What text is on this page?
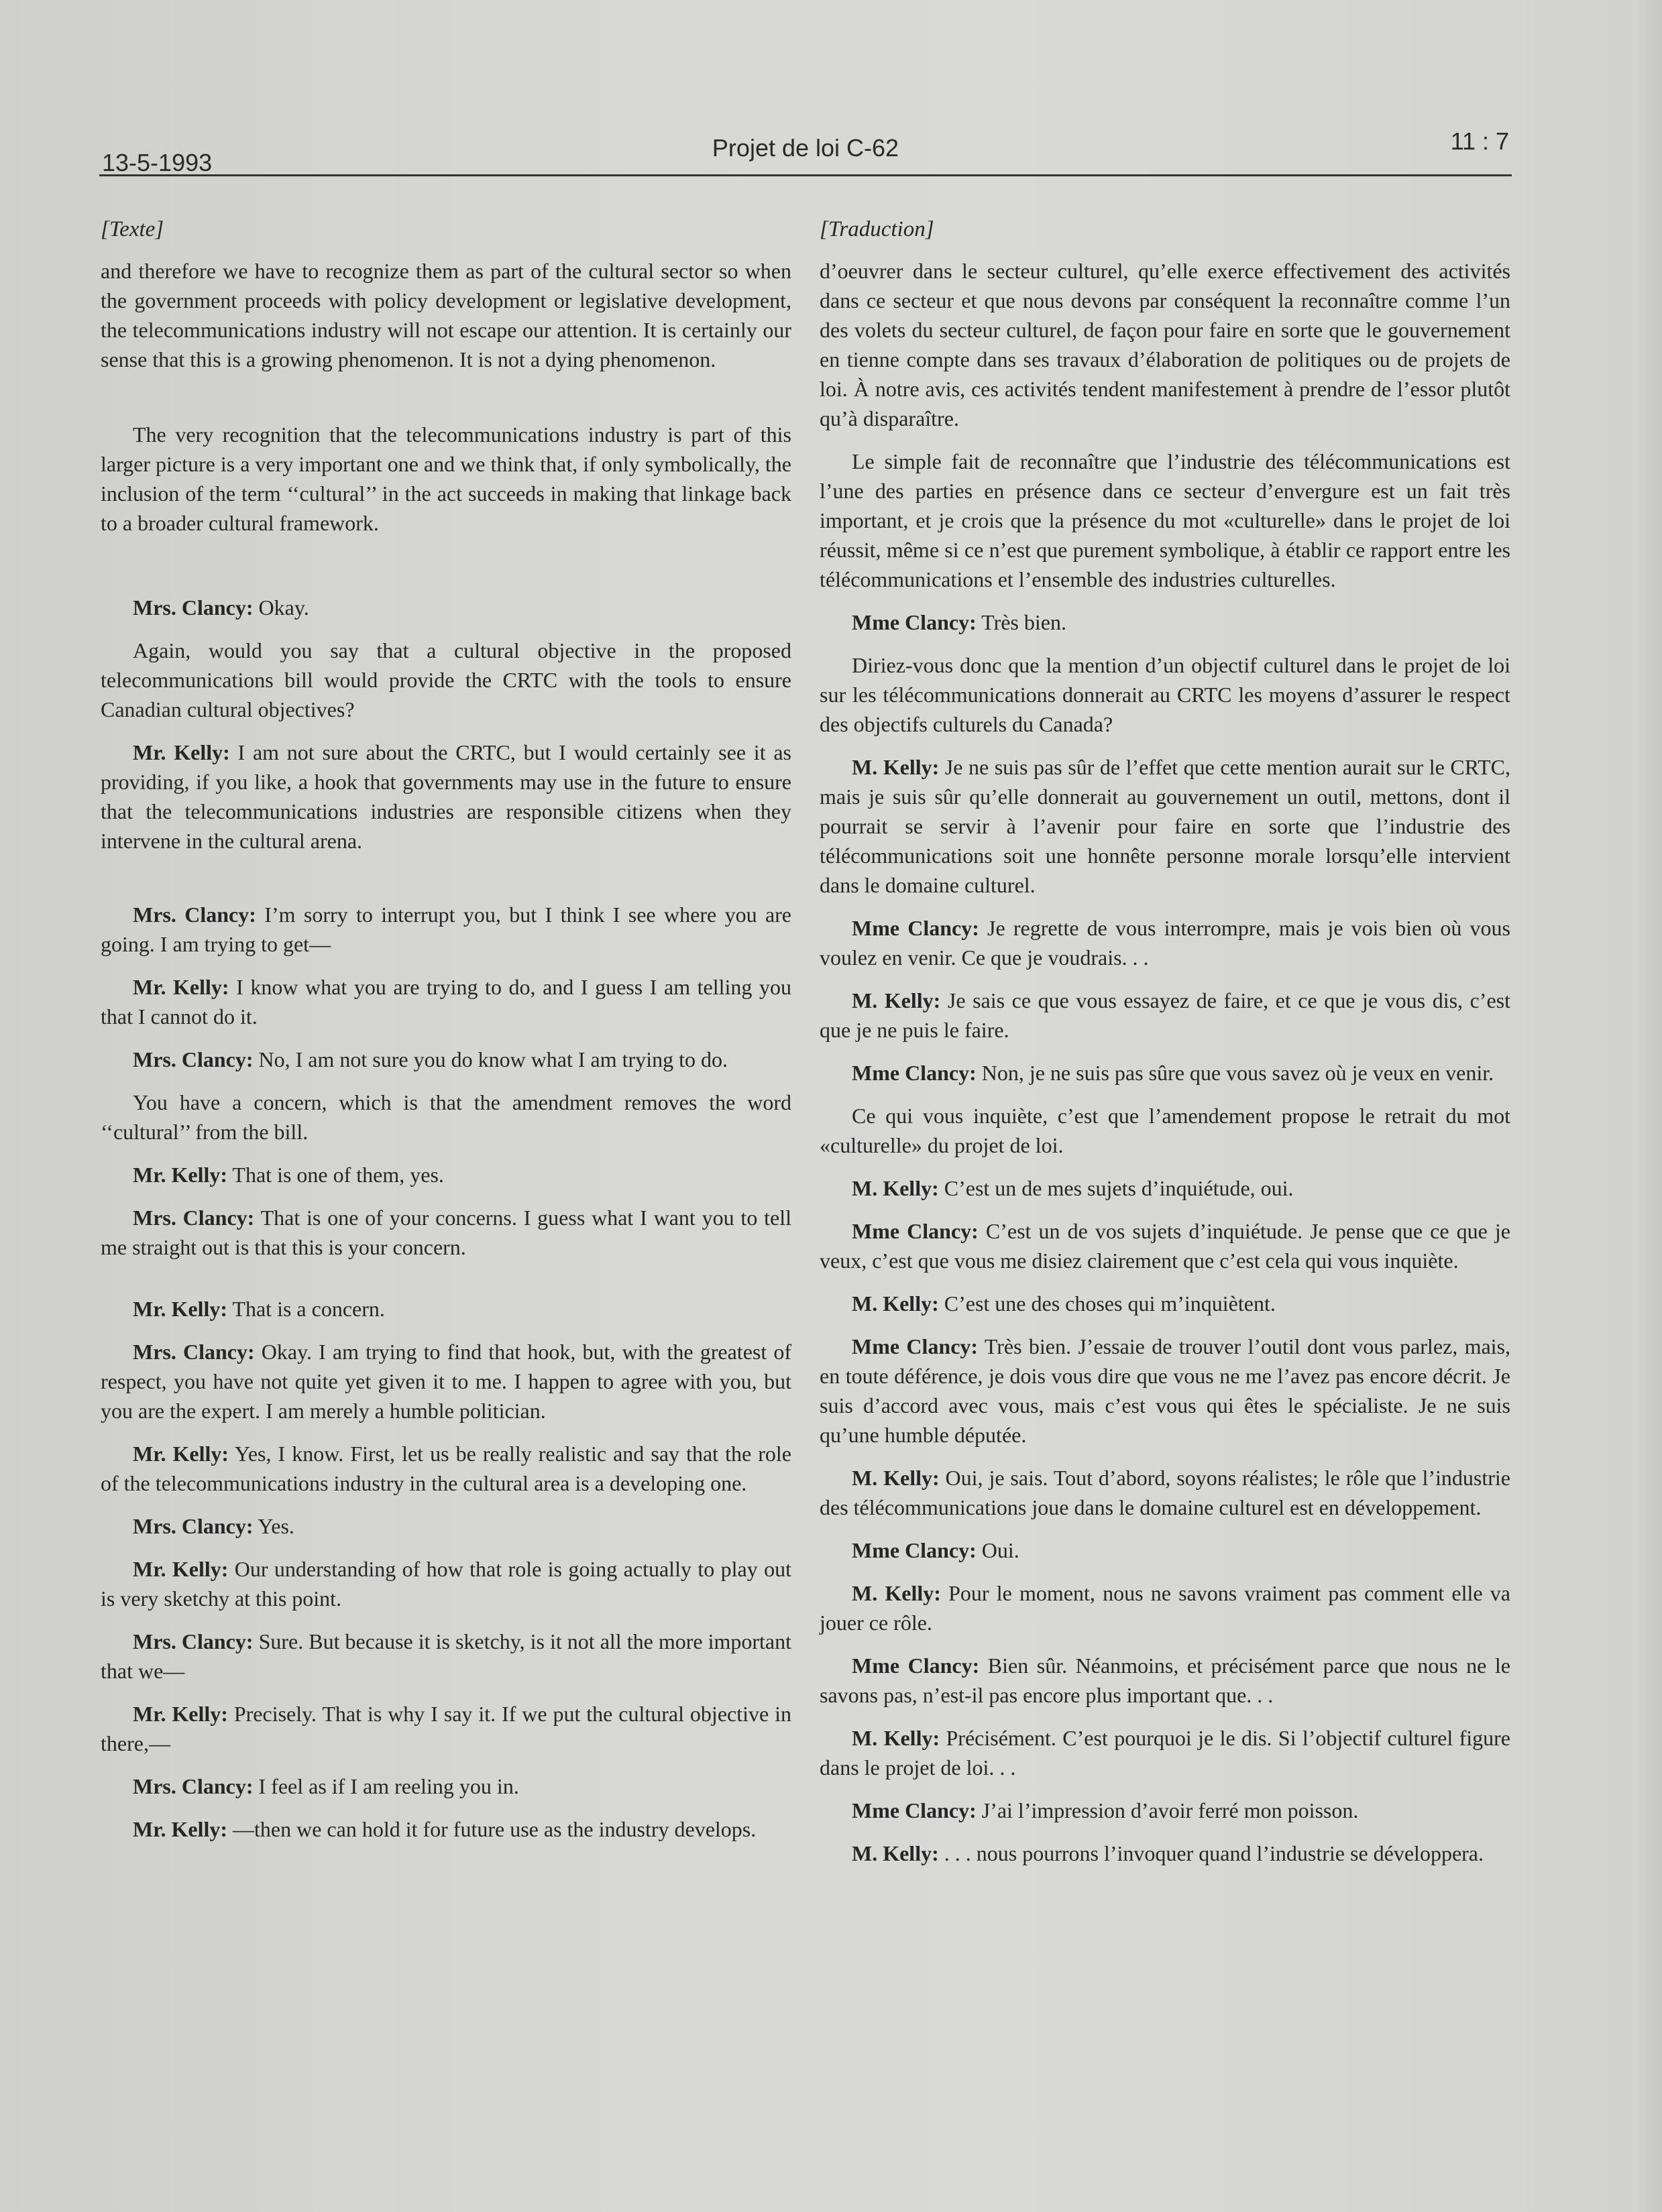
13-5-1993
Projet de loi C-62	11 : 7

[Texte]

and therefore we have to recognize them as part of the cultural sector so when the government proceeds with policy development or legislative development, the telecommunications industry will not escape our attention. It is certainly our sense that this is a growing phenomenon. It is not a dying phenomenon.

The very recognition that the telecommunications industry is part of this larger picture is a very important one and we think that, if only symbolically, the inclusion of the term ‘‘cultural’’ in the act succeeds in making that linkage back to a broader cultural framework.

Mrs. Clancy: Okay.

Again, would you say that a cultural objective in the proposed telecommunications bill would provide the CRTC with the tools to ensure Canadian cultural objectives?

Mr. Kelly: I am not sure about the CRTC, but I would certainly see it as providing, if you like, a hook that governments may use in the future to ensure that the telecommunications industries are responsible citizens when they intervene in the cultural arena.

Mrs. Clancy: I’m sorry to interrupt you, but I think I see where you are going. I am trying to get—

Mr. Kelly: I know what you are trying to do, and I guess I am telling you that I cannot do it.

Mrs. Clancy: No, I am not sure you do know what I am trying to do.

You have a concern, which is that the amendment removes the word ‘‘cultural’’ from the bill.

Mr. Kelly: That is one of them, yes.

Mrs. Clancy: That is one of your concerns. I guess what I want you to tell me straight out is that this is your concern.

Mr. Kelly: That is a concern.

Mrs. Clancy: Okay. I am trying to find that hook, but, with the greatest of respect, you have not quite yet given it to me. I happen to agree with you, but you are the expert. I am merely a humble politician.

Mr. Kelly: Yes, I know. First, let us be really realistic and say that the role of the telecommunications industry in the cultural area is a developing one.

Mrs. Clancy: Yes.

Mr. Kelly: Our understanding of how that role is going actually to play out is very sketchy at this point.

Mrs. Clancy: Sure. But because it is sketchy, is it not all the more important that we—

Mr. Kelly: Precisely. That is why I say it. If we put the cultural objective in there,—

Mrs. Clancy: I feel as if I am reeling you in.

Mr. Kelly: —then we can hold it for future use as the industry develops.

[Traduction]

d’oeuvrer dans le secteur culturel, qu’elle exerce effectivement des activités dans ce secteur et que nous devons par conséquent la reconnaître comme l’un des volets du secteur culturel, de façon pour faire en sorte que le gouvernement en tienne compte dans ses travaux d’élaboration de politiques ou de projets de loi. À notre avis, ces activités tendent manifestement à prendre de l’essor plutôt qu’à disparaître.

Le simple fait de reconnaître que l’industrie des télécommunications est l’une des parties en présence dans ce secteur d’envergure est un fait très important, et je crois que la présence du mot «culturelle» dans le projet de loi réussit, même si ce n’est que purement symbolique, à établir ce rapport entre les télécommunications et l’ensemble des industries culturelles.

Mme Clancy: Très bien.

Diriez-vous donc que la mention d’un objectif culturel dans le projet de loi sur les télécommunications donnerait au CRTC les moyens d’assurer le respect des objectifs culturels du Canada?

M. Kelly: Je ne suis pas sûr de l’effet que cette mention aurait sur le CRTC, mais je suis sûr qu’elle donnerait au gouvernement un outil, mettons, dont il pourrait se servir à l’avenir pour faire en sorte que l’industrie des télécommunications soit une honnête personne morale lorsqu’elle intervient dans le domaine culturel.

Mme Clancy: Je regrette de vous interrompre, mais je vois bien où vous voulez en venir. Ce que je voudrais. . .

M. Kelly: Je sais ce que vous essayez de faire, et ce que je vous dis, c’est que je ne puis le faire.

Mme Clancy: Non, je ne suis pas sûre que vous savez où je veux en venir.

Ce qui vous inquiète, c’est que l’amendement propose le retrait du mot «culturelle» du projet de loi.

M. Kelly: C’est un de mes sujets d’inquiétude, oui.

Mme Clancy: C’est un de vos sujets d’inquiétude. Je pense que ce que je veux, c’est que vous me disiez clairement que c’est cela qui vous inquiète.

M. Kelly: C’est une des choses qui m’inquiètent.

Mme Clancy: Très bien. J’essaie de trouver l’outil dont vous parlez, mais, en toute déférence, je dois vous dire que vous ne me l’avez pas encore décrit. Je suis d’accord avec vous, mais c’est vous qui êtes le spécialiste. Je ne suis qu’une humble députée.

M. Kelly: Oui, je sais. Tout d’abord, soyons réalistes; le rôle que l’industrie des télécommunications joue dans le domaine culturel est en développement.

Mme Clancy: Oui.

M. Kelly: Pour le moment, nous ne savons vraiment pas comment elle va jouer ce rôle.

Mme Clancy: Bien sûr. Néanmoins, et précisément parce que nous ne le savons pas, n’est-il pas encore plus important que. . .

M. Kelly: Précisément. C’est pourquoi je le dis. Si l’objectif culturel figure dans le projet de loi. . .

Mme Clancy: J’ai l’impression d’avoir ferré mon poisson.

M. Kelly: . . . nous pourrons l’invoquer quand l’industrie se développera.
